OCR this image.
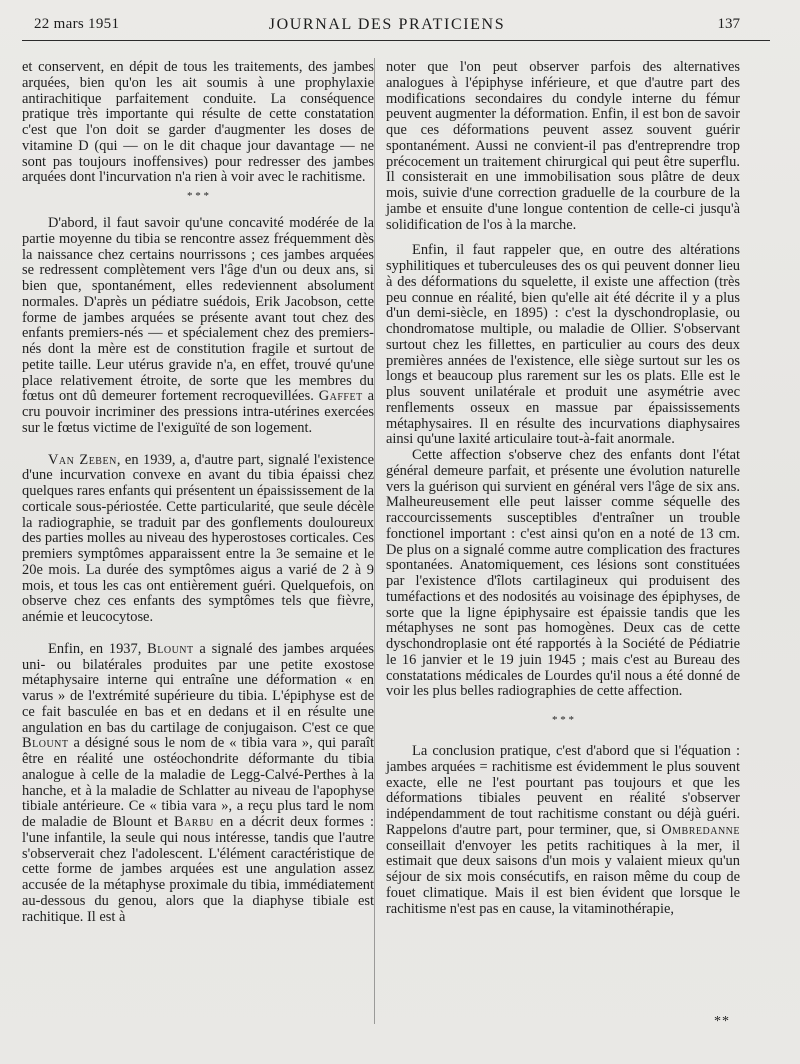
22 mars 1951	JOURNAL DES PRATICIENS	137

et conservent, en dépit de tous les traitements, des jambes arquées, bien qu'on les ait soumis à une prophylaxie antirachitique parfaitement conduite. La conséquence pratique très importante qui résulte de cette constatation c'est que l'on doit se garder d'augmenter les doses de vitamine D (qui — on le dit chaque jour davantage — ne sont pas toujours inoffensives) pour redresser des jambes arquées dont l'incurvation n'a rien à voir avec le rachitisme.

* * *

D'abord, il faut savoir qu'une concavité modérée de la partie moyenne du tibia se rencontre assez fréquemment dès la naissance chez certains nourrissons ; ces jambes arquées se redressent complètement vers l'âge d'un ou deux ans, si bien que, spontanément, elles redeviennent absolument normales. D'après un pédiatre suédois, Erik Jacobson, cette forme de jambes arquées se présente avant tout chez des enfants premiers-nés — et spécialement chez des premiers-nés dont la mère est de constitution fragile et surtout de petite taille. Leur utérus gravide n'a, en effet, trouvé qu'une place relativement étroite, de sorte que les membres du fœtus ont dû demeurer fortement recroquevillées. Gaffet a cru pouvoir incriminer des pressions intra-utérines exercées sur le fœtus victime de l'exiguïté de son logement.

Van Zeben, en 1939, a, d'autre part, signalé l'existence d'une incurvation convexe en avant du tibia épaissi chez quelques rares enfants qui présentent un épaississement de la corticale sous-périostée. Cette particularité, que seule décèle la radiographie, se traduit par des gonflements douloureux des parties molles au niveau des hyperostoses corticales. Ces premiers symptômes apparaissent entre la 3e semaine et le 20e mois. La durée des symptômes aigus a varié de 2 à 9 mois, et tous les cas ont entièrement guéri. Quelquefois, on observe chez ces enfants des symptômes tels que fièvre, anémie et leucocytose.

Enfin, en 1937, Blount a signalé des jambes arquées uni- ou bilatérales produites par une petite exostose métaphysaire interne qui entraîne une déformation « en varus » de l'extrémité supérieure du tibia. L'épiphyse est de ce fait basculée en bas et en dedans et il en résulte une angulation en bas du cartilage de conjugaison. C'est ce que Blount a désigné sous le nom de « tibia vara », qui paraît être en réalité une ostéochondrite déformante du tibia analogue à celle de la maladie de Legg-Calvé-Perthes à la hanche, et à la maladie de Schlatter au niveau de l'apophyse tibiale antérieure. Ce « tibia vara », a reçu plus tard le nom de maladie de Blount et Barbu en a décrit deux formes : l'une infantile, la seule qui nous intéresse, tandis que l'autre s'observerait chez l'adolescent. L'élément caractéristique de cette forme de jambes arquées est une angulation assez accusée de la métaphyse proximale du tibia, immédiatement au-dessous du genou, alors que la diaphyse tibiale est rachitique. Il est à

noter que l'on peut observer parfois des alternatives analogues à l'épiphyse inférieure, et que d'autre part des modifications secondaires du condyle interne du fémur peuvent augmenter la déformation. Enfin, il est bon de savoir que ces déformations peuvent assez souvent guérir spontanément. Aussi ne convient-il pas d'entreprendre trop précocement un traitement chirurgical qui peut être superflu. Il consisterait en une immobilisation sous plâtre de deux mois, suivie d'une correction graduelle de la courbure de la jambe et ensuite d'une longue contention de celle-ci jusqu'à solidification de l'os à la marche.

Enfin, il faut rappeler que, en outre des altérations syphilitiques et tuberculeuses des os qui peuvent donner lieu à des déformations du squelette, il existe une affection (très peu connue en réalité, bien qu'elle ait été décrite il y a plus d'un demi-siècle, en 1895) : c'est la dyschondroplasie, ou chondromatose multiple, ou maladie de Ollier. S'observant surtout chez les fillettes, en particulier au cours des deux premières années de l'existence, elle siège surtout sur les os longs et beaucoup plus rarement sur les os plats. Elle est le plus souvent unilatérale et produit une asymétrie avec renflements osseux en massue par épaississements métaphysaires. Il en résulte des incurvations diaphysaires ainsi qu'une laxité articulaire tout-à-fait anormale.

Cette affection s'observe chez des enfants dont l'état général demeure parfait, et présente une évolution naturelle vers la guérison qui survient en général vers l'âge de six ans. Malheureusement elle peut laisser comme séquelle des raccourcissements susceptibles d'entraîner un trouble fonctionel important : c'est ainsi qu'on en a noté de 13 cm. De plus on a signalé comme autre complication des fractures spontanées. Anatomiquement, ces lésions sont constituées par l'existence d'îlots cartilagineux qui produisent des tuméfactions et des nodosités au voisinage des épiphyses, de sorte que la ligne épiphysaire est épaissie tandis que les métaphyses ne sont pas homogènes. Deux cas de cette dyschondroplasie ont été rapportés à la Société de Pédiatrie le 16 janvier et le 19 juin 1945 ; mais c'est au Bureau des constatations médicales de Lourdes qu'il nous a été donné de voir les plus belles radiographies de cette affection.

* * *

La conclusion pratique, c'est d'abord que si l'équation : jambes arquées = rachitisme est évidemment le plus souvent exacte, elle ne l'est pourtant pas toujours et que les déformations tibiales peuvent en réalité s'observer indépendamment de tout rachitisme constant ou déjà guéri. Rappelons d'autre part, pour terminer, que, si Ombredanne conseillait d'envoyer les petits rachitiques à la mer, il estimait que deux saisons d'un mois y valaient mieux qu'un séjour de six mois consécutifs, en raison même du coup de fouet climatique. Mais il est bien évident que lorsque le rachitisme n'est pas en cause, la vitaminothérapie,

**
